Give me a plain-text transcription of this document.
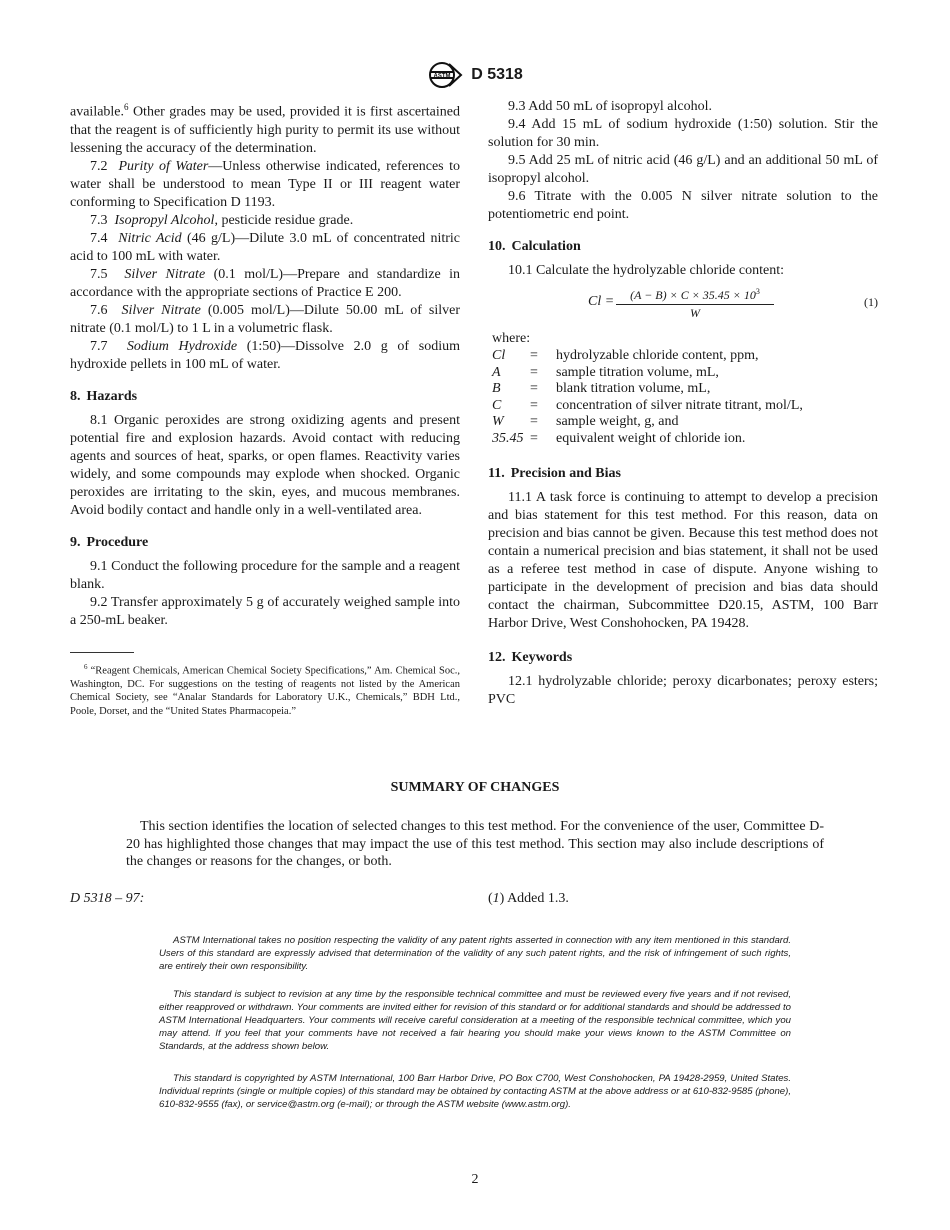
ASTM D 5318

available.$^6$ Other grades may be used, provided it is first ascertained that the reagent is of sufficiently high purity to permit its use without lessening the accuracy of the determination.

7.2 Purity of Water—Unless otherwise indicated, references to water shall be understood to mean Type II or III reagent water conforming to Specification D 1193.

7.3 Isopropyl Alcohol, pesticide residue grade.

7.4 Nitric Acid (46 g/L)—Dilute 3.0 mL of concentrated nitric acid to 100 mL with water.

7.5 Silver Nitrate (0.1 mol/L)—Prepare and standardize in accordance with the appropriate sections of Practice E 200.

7.6 Silver Nitrate (0.005 mol/L)—Dilute 50.00 mL of silver nitrate (0.1 mol/L) to 1 L in a volumetric flask.

7.7 Sodium Hydroxide (1:50)—Dissolve 2.0 g of sodium hydroxide pellets in 100 mL of water.

8. Hazards

8.1 Organic peroxides are strong oxidizing agents and present potential fire and explosion hazards. Avoid contact with reducing agents and sources of heat, sparks, or open flames. Reactivity varies widely, and some compounds may explode when shocked. Organic peroxides are irritating to the skin, eyes, and mucous membranes. Avoid bodily contact and handle only in a well-ventilated area.

9. Procedure

9.1 Conduct the following procedure for the sample and a reagent blank.

9.2 Transfer approximately 5 g of accurately weighed sample into a 250-mL beaker.

$^6$ “Reagent Chemicals, American Chemical Society Specifications,” Am. Chemical Soc., Washington, DC. For suggestions on the testing of reagents not listed by the American Chemical Society, see “Analar Standards for Laboratory U.K., Chemicals,” BDH Ltd., Poole, Dorset, and the “United States Pharmacopeia.”

9.3 Add 50 mL of isopropyl alcohol.

9.4 Add 15 mL of sodium hydroxide (1:50) solution. Stir the solution for 30 min.

9.5 Add 25 mL of nitric acid (46 g/L) and an additional 50 mL of isopropyl alcohol.

9.6 Titrate with the 0.005 N silver nitrate solution to the potentiometric end point.

10. Calculation

10.1 Calculate the hydrolyzable chloride content:

$Cl = \frac{(A - B) \times C \times 35.45 \times 10^3}{W}$	(1)

where:

Cl	=	hydrolyzable chloride content, ppm,
A	=	sample titration volume, mL,
B	=	blank titration volume, mL,
C	=	concentration of silver nitrate titrant, mol/L,
W	=	sample weight, g, and
35.45	=	equivalent weight of chloride ion.
11. Precision and Bias

11.1 A task force is continuing to attempt to develop a precision and bias statement for this test method. For this reason, data on precision and bias cannot be given. Because this test method does not contain a numerical precision and bias statement, it shall not be used as a referee test method in case of dispute. Anyone wishing to participate in the development of precision and bias data should contact the chairman, Subcommittee D20.15, ASTM, 100 Barr Harbor Drive, West Conshohocken, PA 19428.

12. Keywords

12.1 hydrolyzable chloride; peroxy dicarbonates; peroxy esters; PVC

SUMMARY OF CHANGES

This section identifies the location of selected changes to this test method. For the convenience of the user, Committee D-20 has highlighted those changes that may impact the use of this test method. This section may also include descriptions of the changes or reasons for the changes, or both.

D 5318 – 97:	(1) Added 1.3.

ASTM International takes no position respecting the validity of any patent rights asserted in connection with any item mentioned in this standard. Users of this standard are expressly advised that determination of the validity of any such patent rights, and the risk of infringement of such rights, are entirely their own responsibility.

This standard is subject to revision at any time by the responsible technical committee and must be reviewed every five years and if not revised, either reapproved or withdrawn. Your comments are invited either for revision of this standard or for additional standards and should be addressed to ASTM International Headquarters. Your comments will receive careful consideration at a meeting of the responsible technical committee, which you may attend. If you feel that your comments have not received a fair hearing you should make your views known to the ASTM Committee on Standards, at the address shown below.

This standard is copyrighted by ASTM International, 100 Barr Harbor Drive, PO Box C700, West Conshohocken, PA 19428-2959, United States. Individual reprints (single or multiple copies) of this standard may be obtained by contacting ASTM at the above address or at 610-832-9585 (phone), 610-832-9555 (fax), or service@astm.org (e-mail); or through the ASTM website (www.astm.org).

2
